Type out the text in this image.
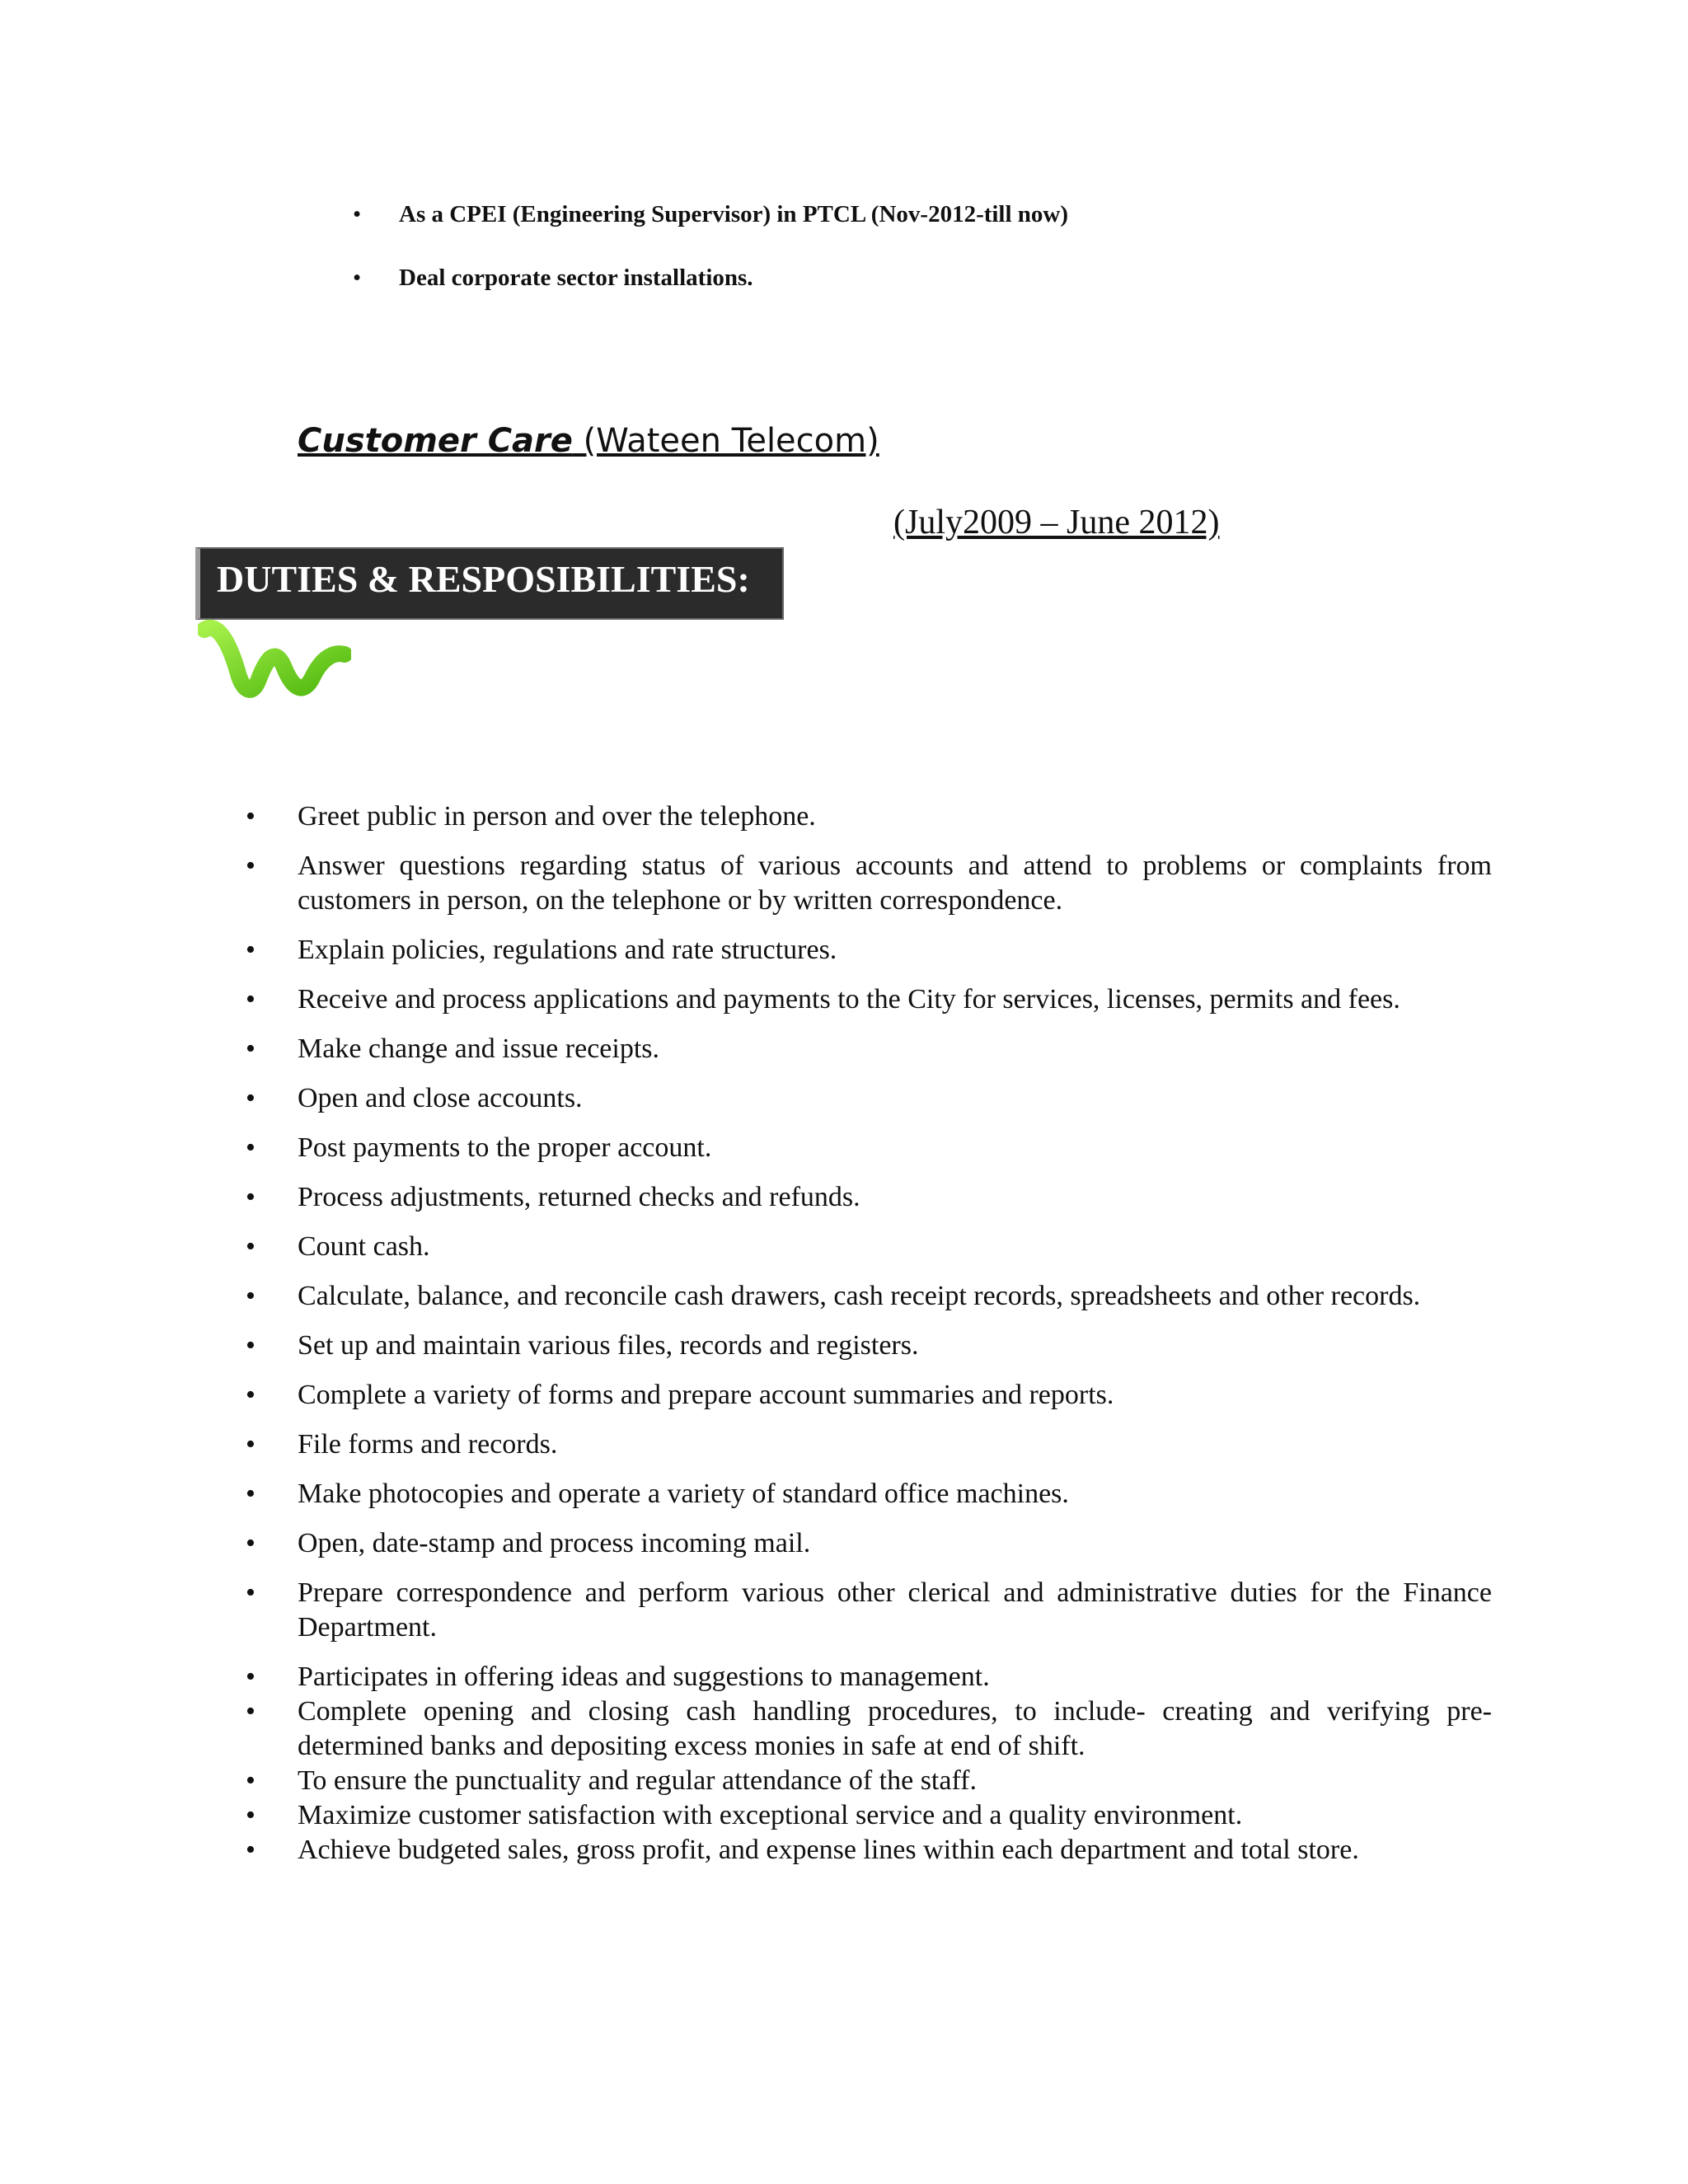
• As a CPEI (Engineering Supervisor) in PTCL (Nov-2012-till now)
• Deal corporate sector installations.
Customer Care (Wateen Telecom)
(July2009 – June 2012)
DUTIES & RESPOSIBILITIES:
• Greet public in person and over the telephone.
• Answer questions regarding status of various accounts and attend to problems or complaints from customers in person, on the telephone or by written correspondence.
• Explain policies, regulations and rate structures.
• Receive and process applications and payments to the City for services, licenses, permits and fees.
• Make change and issue receipts.
• Open and close accounts.
• Post payments to the proper account.
• Process adjustments, returned checks and refunds.
• Count cash.
• Calculate, balance, and reconcile cash drawers, cash receipt records, spreadsheets and other records.
• Set up and maintain various files, records and registers.
• Complete a variety of forms and prepare account summaries and reports.
• File forms and records.
• Make photocopies and operate a variety of standard office machines.
• Open, date-stamp and process incoming mail.
• Prepare correspondence and perform various other clerical and administrative duties for the Finance Department.
• Participates in offering ideas and suggestions to management.
• Complete opening and closing cash handling procedures, to include- creating and verifying pre-determined banks and depositing excess monies in safe at end of shift.
• To ensure the punctuality and regular attendance of the staff.
• Maximize customer satisfaction with exceptional service and a quality environment.
• Achieve budgeted sales, gross profit, and expense lines within each department and total store.
